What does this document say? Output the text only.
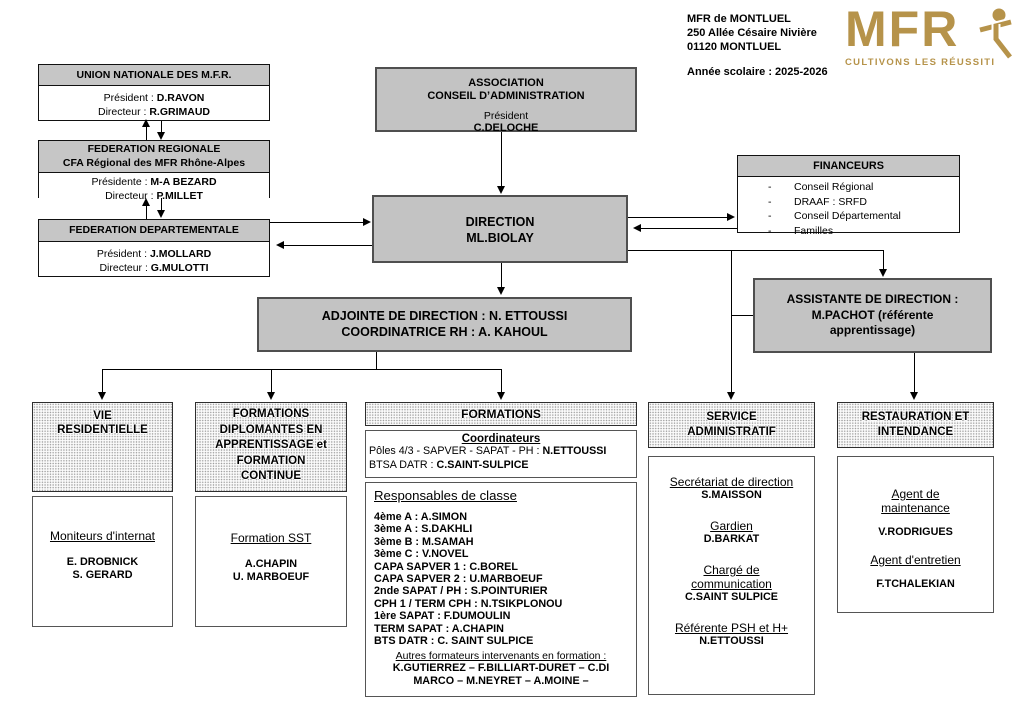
MFR de MONTLUEL
250 Allée Césaire Nivière
01120 MONTLUEL
Année scolaire : 2025-2026
MFR
CULTIVONS LES RÉUSSITI
UNION NATIONALE DES M.F.R.
Président : D.RAVON
Directeur : R.GRIMAUD
FEDERATION REGIONALE
CFA Régional des MFR Rhône-Alpes
Présidente : M-A BEZARD
Directeur : P.MILLET
FEDERATION DEPARTEMENTALE
Président : J.MOLLARD
Directeur : G.MULOTTI
ASSOCIATION
CONSEIL D’ADMINISTRATION
Président
C.DELOCHE
DIRECTION
ML.BIOLAY
FINANCEURS
- Conseil Régional
- DRAAF : SRFD
- Conseil Départemental
- Familles
ADJOINTE DE DIRECTION : N. ETTOUSSI
COORDINATRICE RH : A. KAHOUL
ASSISTANTE DE DIRECTION :
M.PACHOT (référente
apprentissage)
VIE
RESIDENTIELLE
Moniteurs d'internat
E. DROBNICK
S. GERARD
FORMATIONS
DIPLOMANTES EN
APPRENTISSAGE et
FORMATION
CONTINUE
Formation SST
A.CHAPIN
U. MARBOEUF
FORMATIONS
Coordinateurs
Pôles 4/3 - SAPVER - SAPAT - PH : N.ETTOUSSI
BTSA DATR : C.SAINT-SULPICE
Responsables de classe
4ème A : A.SIMON
3ème A : S.DAKHLI
3ème B : M.SAMAH
3ème C : V.NOVEL
CAPA SAPVER 1 : C.BOREL
CAPA SAPVER 2 : U.MARBOEUF
2nde SAPAT / PH : S.POINTURIER
CPH 1 / TERM CPH : N.TSIKPLONOU
1ère SAPAT : F.DUMOULIN
TERM SAPAT : A.CHAPIN
BTS DATR : C. SAINT SULPICE
Autres formateurs intervenants en formation :
K.GUTIERREZ – F.BILLIART-DURET – C.DI
MARCO – M.NEYRET – A.MOINE –
SERVICE
ADMINISTRATIF
Secrétariat de direction
S.MAISSON
Gardien
D.BARKAT
Chargé de communication
C.SAINT SULPICE
Référente PSH et H+
N.ETTOUSSI
RESTAURATION ET
INTENDANCE
Agent de maintenance
V.RODRIGUES
Agent d'entretien
F.TCHALEKIAN
